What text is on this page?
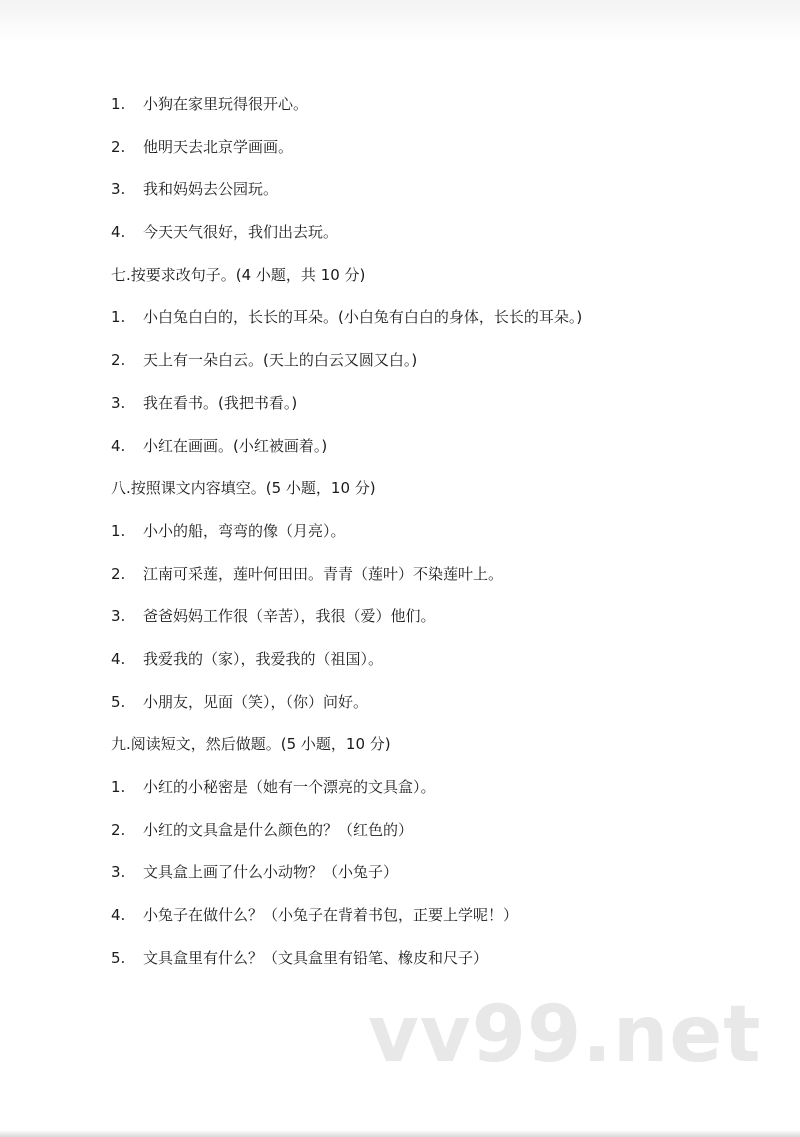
1. 小狗在家里玩得很开心。
2. 他明天去北京学画画。
3. 我和妈妈去公园玩。
4. 今天天气很好，我们出去玩。
七.按要求改句子。(4 小题，共 10 分)
1. 小白兔白白的，长长的耳朵。(小白兔有白白的身体，长长的耳朵。)
2. 天上有一朵白云。(天上的白云又圆又白。)
3. 我在看书。(我把书看。)
4. 小红在画画。(小红被画着。)
八.按照课文内容填空。(5 小题，10 分)
1. 小小的船，弯弯的像（月亮）。
2. 江南可采莲，莲叶何田田。青青（莲叶）不染莲叶上。
3. 爸爸妈妈工作很（辛苦），我很（爱）他们。
4. 我爱我的（家），我爱我的（祖国）。
5. 小朋友，见面（笑），（你）问好。
九.阅读短文，然后做题。(5 小题，10 分)
1. 小红的小秘密是（她有一个漂亮的文具盒）。
2. 小红的文具盒是什么颜色的？（红色的）
3. 文具盒上画了什么小动物？（小兔子）
4. 小兔子在做什么？（小兔子在背着书包，正要上学呢！）
5. 文具盒里有什么？（文具盒里有铅笔、橡皮和尺子）
vv99.net
